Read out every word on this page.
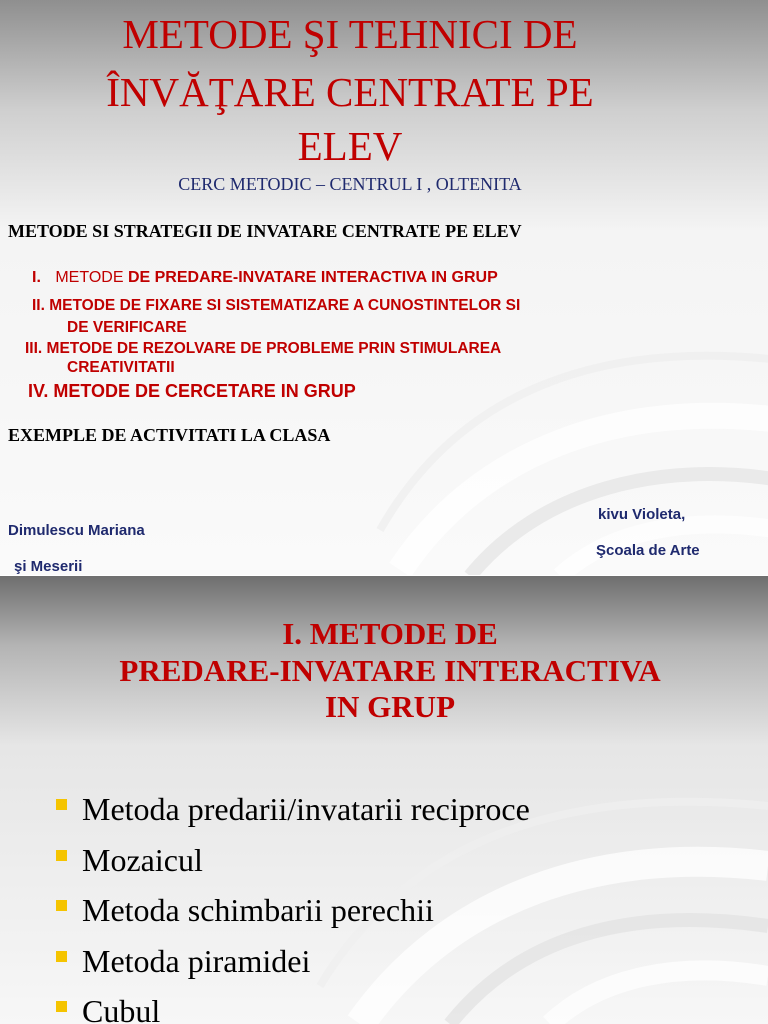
METODE ŞI TEHNICI DE
ÎNVĂŢARE CENTRATE PE
ELEV
CERC METODIC – CENTRUL I , OLTENITA
METODE SI STRATEGII DE INVATARE CENTRATE PE ELEV
I. METODE DE PREDARE-INVATARE INTERACTIVA IN GRUP
II. METODE DE FIXARE SI SISTEMATIZARE A CUNOSTINTELOR SI
DE VERIFICARE
III. METODE DE REZOLVARE DE PROBLEME PRIN STIMULAREA
CREATIVITATII
IV. METODE DE CERCETARE IN GRUP
EXEMPLE DE ACTIVITATI LA CLASA
Dimulescu Mariana
şi Meserii
kivu Violeta,
Şcoala de Arte
I. METODE DE
PREDARE-INVATARE INTERACTIVA
IN GRUP
Metoda predarii/invatarii reciproce
Mozaicul
Metoda schimbarii perechii
Metoda piramidei
Cubul
